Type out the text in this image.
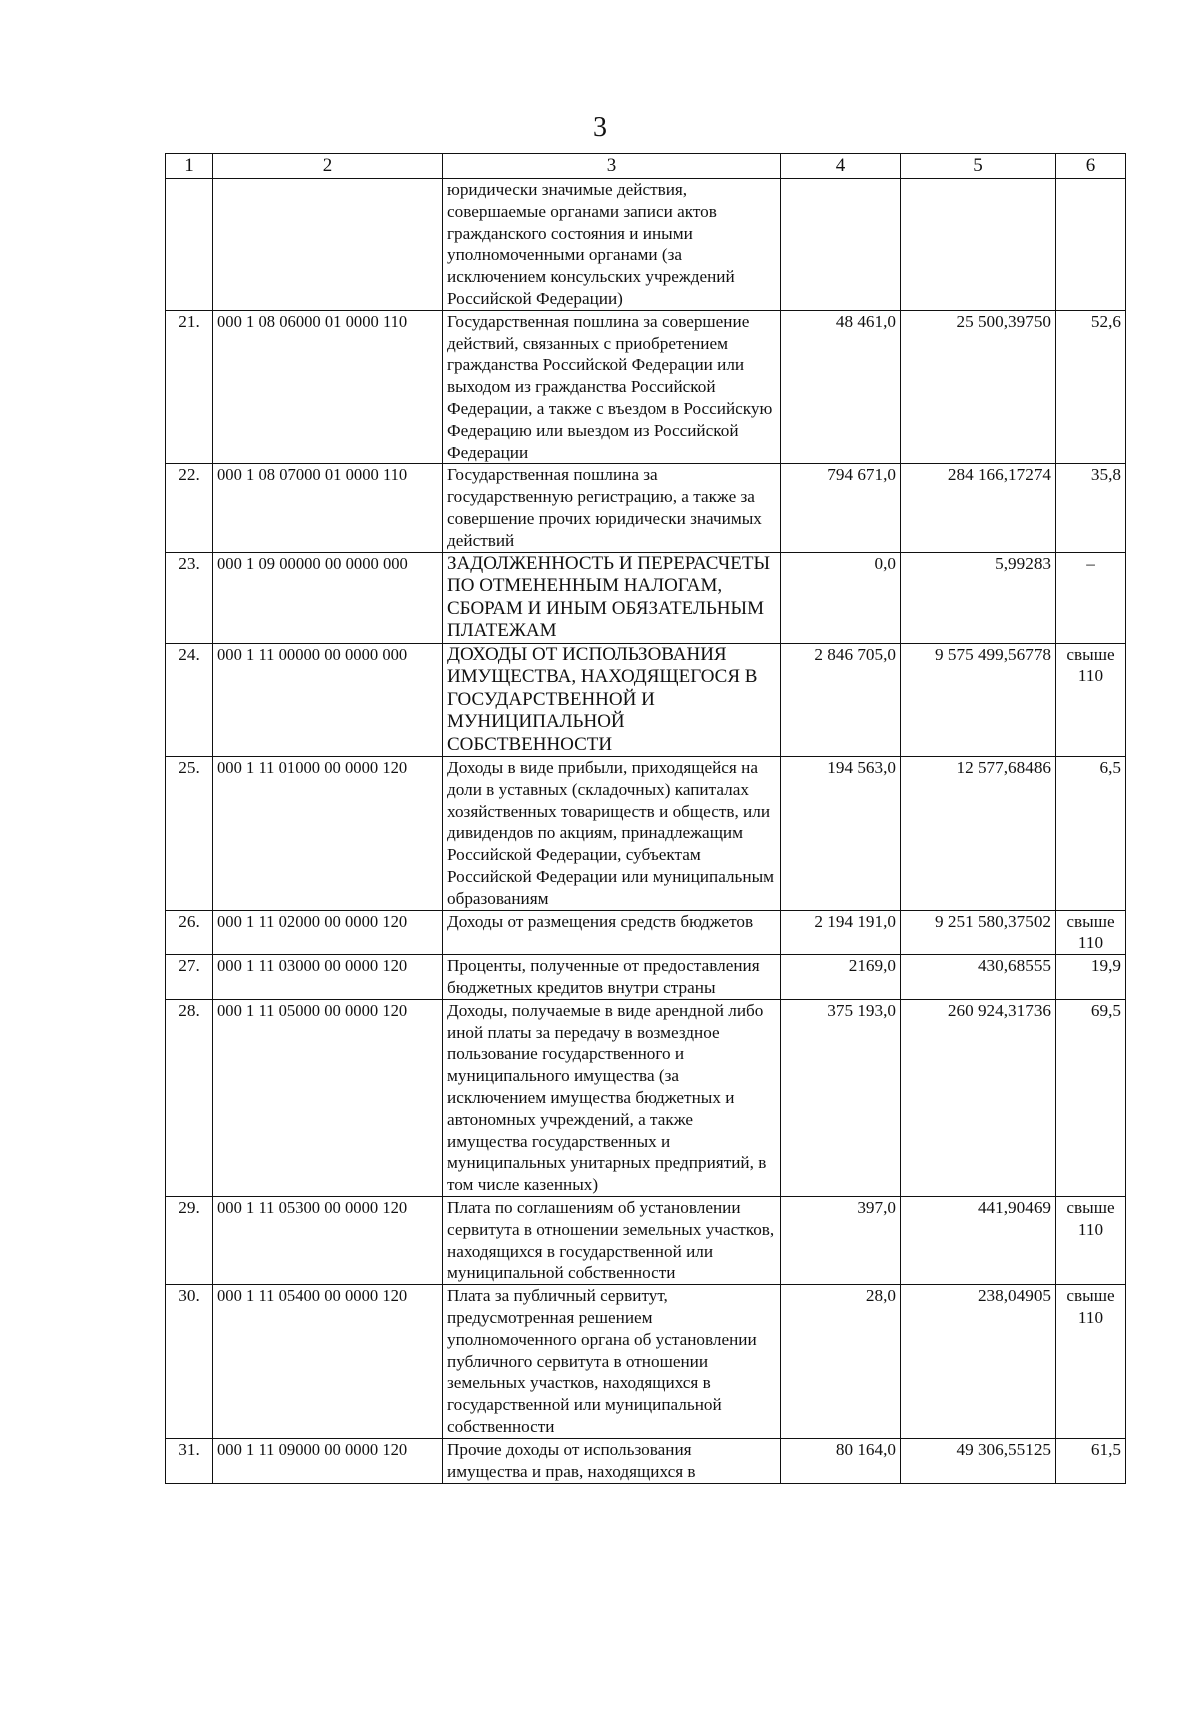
3
1	2	3	4	5	6
		юридически значимые действия, совершаемые органами записи актов гражданского состояния и иными уполномоченными органами (за исключением консульских учреждений Российской Федерации)			
21.	000 1 08 06000 01 0000 110	Государственная пошлина за совершение действий, связанных с приобретением гражданства Российской Федерации или выходом из гражданства Российской Федерации, а также с въездом в Российскую Федерацию или выездом из Российской Федерации	48 461,0	25 500,39750	52,6
22.	000 1 08 07000 01 0000 110	Государственная пошлина за государственную регистрацию, а также за совершение прочих юридически значимых действий	794 671,0	284 166,17274	35,8
23.	000 1 09 00000 00 0000 000	ЗАДОЛЖЕННОСТЬ И ПЕРЕРАСЧЕТЫ ПО ОТМЕНЕННЫМ НАЛОГАМ, СБОРАМ И ИНЫМ ОБЯЗАТЕЛЬНЫМ ПЛАТЕЖАМ	0,0	5,99283	–
24.	000 1 11 00000 00 0000 000	ДОХОДЫ ОТ ИСПОЛЬЗОВАНИЯ ИМУЩЕСТВА, НАХОДЯЩЕГОСЯ В ГОСУДАРСТВЕННОЙ И МУНИЦИПАЛЬНОЙ СОБСТВЕННОСТИ	2 846 705,0	9 575 499,56778	свыше 110
25.	000 1 11 01000 00 0000 120	Доходы в виде прибыли, приходящейся на доли в уставных (складочных) капиталах хозяйственных товариществ и обществ, или дивидендов по акциям, принадлежащим Российской Федерации, субъектам Российской Федерации или муниципальным образованиям	194 563,0	12 577,68486	6,5
26.	000 1 11 02000 00 0000 120	Доходы от размещения средств бюджетов	2 194 191,0	9 251 580,37502	свыше 110
27.	000 1 11 03000 00 0000 120	Проценты, полученные от предоставления бюджетных кредитов внутри страны	2169,0	430,68555	19,9
28.	000 1 11 05000 00 0000 120	Доходы, получаемые в виде арендной либо иной платы за передачу в возмездное пользование государственного и муниципального имущества (за исключением имущества бюджетных и автономных учреждений, а также имущества государственных и муниципальных унитарных предприятий, в том числе казенных)	375 193,0	260 924,31736	69,5
29.	000 1 11 05300 00 0000 120	Плата по соглашениям об установлении сервитута в отношении земельных участков, находящихся в государственной или муниципальной собственности	397,0	441,90469	свыше 110
30.	000 1 11 05400 00 0000 120	Плата за публичный сервитут, предусмотренная решением уполномоченного органа об установлении публичного сервитута в отношении земельных участков, находящихся в государственной или муниципальной собственности	28,0	238,04905	свыше 110
31.	000 1 11 09000 00 0000 120	Прочие доходы от использования имущества и прав, находящихся в	80 164,0	49 306,55125	61,5
